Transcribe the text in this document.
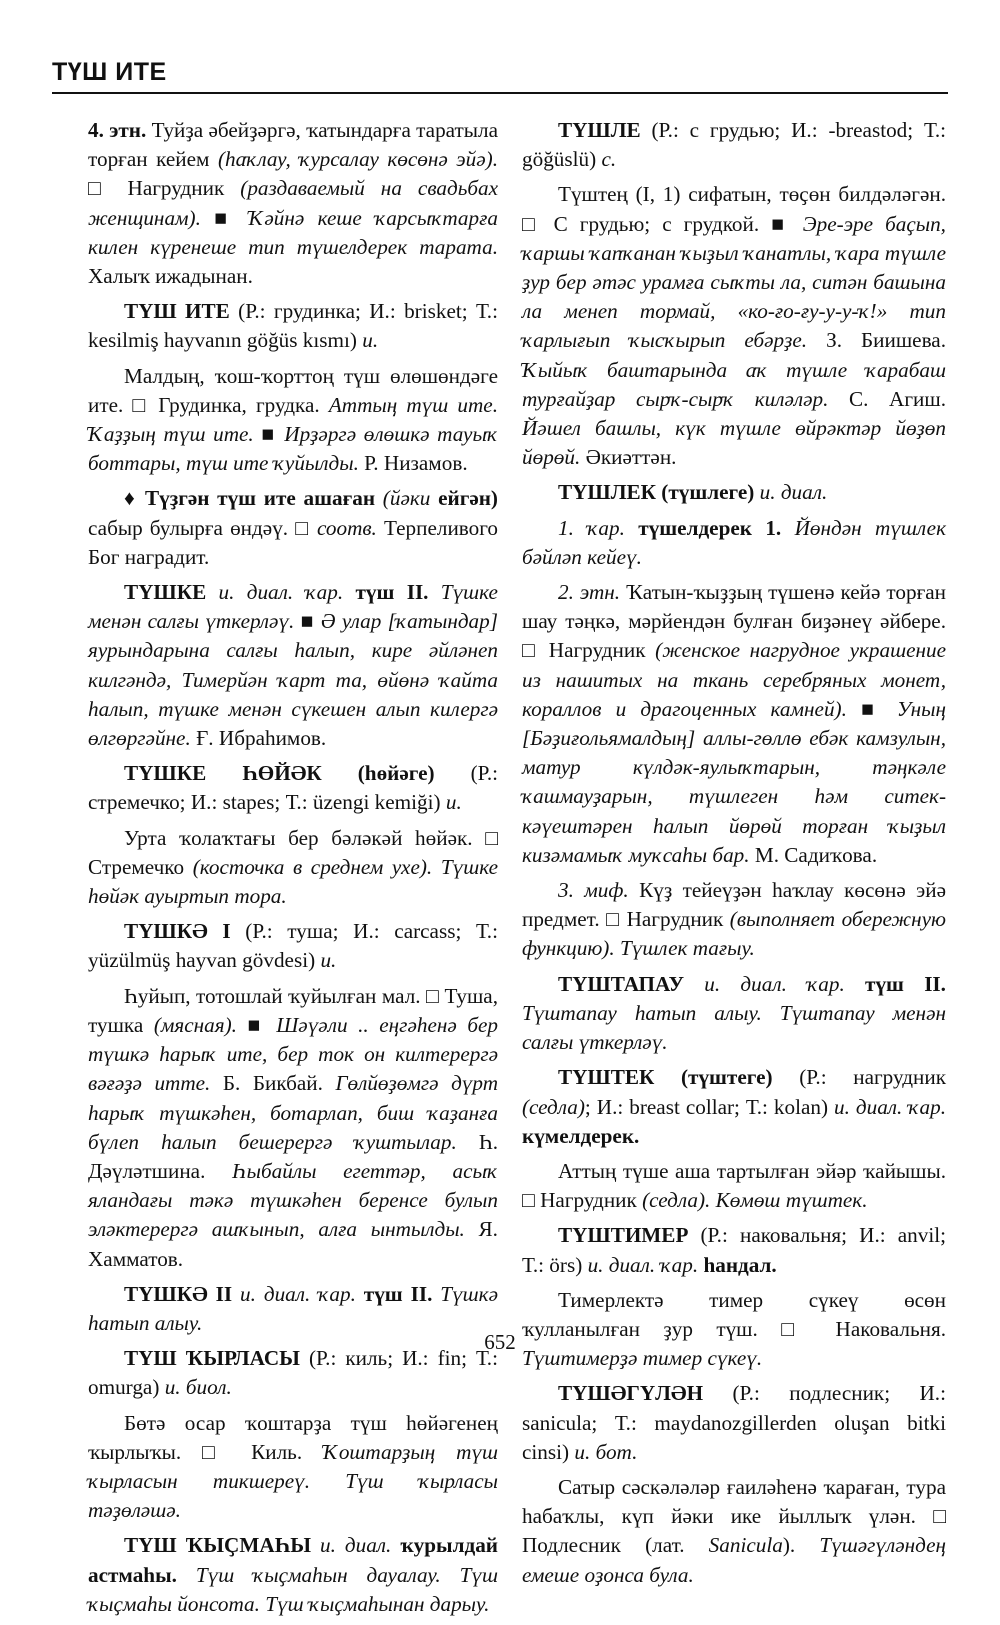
ТҮШ ИТЕ

4. этн. Туйҙа әбейҙәргә, ҡатындарға таратыла торған кейем (һаҡлау, ҡурсалау көсөнә эйә). □ Нагрудник (раздаваемый на свадьбах женщинам). ■ Ҡәйнә кеше ҡарсыҡтарға килен күренеше тип түшелдерек тарата. Халыҡ ижадынан.

ТҮШ ИТЕ (Р.: грудинка; И.: brisket; Т.: kesilmiş hayvanın göğüs kısmı) и.

Малдың, ҡош-ҡорттоң түш өлөшөндәге ите. □ Грудинка, грудка. Аттың түш ите. Ҡаҙҙың түш ите. ■ Ирҙәргә өлөшкә тауыҡ боттары, түш ите ҡуйылды. Р. Низамов.

♦ Түҙгән түш ите ашаған (йәки ейгән) сабыр булырға өндәү. □ соотв. Терпеливого Бог наградит.

ТҮШКЕ и. диал. ҡар. түш II. Түшке менән салғы үткерләү. ■ Ә улар [ҡатындар] яурындарына салғы һалып, кире әйләнеп килгәндә, Тимерйән ҡарт та, өйөнә ҡайта һалып, түшке менән сүкешен алып килергә өлгөргәйне. Ғ. Ибраһимов.

ТҮШКЕ ҺӨЙӘК (һөйәге) (Р.: стремечко; И.: stapes; Т.: üzengi kemiği) и.

Урта ҡолаҡтағы бер бәләкәй һөйәк. □ Стремечко (косточка в среднем ухе). Түшке һөйәк ауыртып тора.

ТҮШКӘ I (Р.: туша; И.: carcass; Т.: yüzülmüş hayvan gövdesi) и.

Һуйып, тотошлай ҡуйылған мал. □ Туша, тушка (мясная). ■ Шәүәли .. еңгәһенә бер түшкә һарыҡ ите, бер ток он килтерергә вәғәҙә итте. Б. Бикбай. Гөлйөҙөмгә дүрт һарыҡ түшкәһен, ботарлап, биш ҡаҙанға бүлеп һалып бешерергә ҡуштылар. Һ. Дәүләтшина. Һыбайлы егеттәр, асыҡ яландағы тәкә түшкәһен беренсе булып эләктерергә ашҡынып, алға ынтылды. Я. Хамматов.

ТҮШКӘ II и. диал. ҡар. түш II. Түшкә һатып алыу.

ТҮШ ҠЫРЛАСЫ (Р.: киль; И.: fin; Т.: omurga) и. биол.

Бөтә осар ҡоштарҙа түш һөйәгенең ҡырлыҡы. □ Киль. Ҡоштарҙың түш ҡырласын тикшереү. Түш ҡырласы тәҙөләшә.

ТҮШ ҠЫҪМАҺЫ и. диал. ҡурылдай астмаһы. Түш ҡыҫмаһын дауалау. Түш ҡыҫмаһы йонсота. Түш ҡыҫмаһынан дарыу.

ТҮШЛЕ (Р.: с грудью; И.: -breastod; Т.: göğüslü) с.

Түштең (I, 1) сифатын, төҫөн билдәләгән. □ С грудью; с грудкой. ■ Эре-эре баҫып, ҡаршы ҡапҡанан ҡыҙыл ҡанатлы, ҡара түшле ҙур бер әтәс урамға сыҡты ла, ситән башына ла менеп тормай, «ко-ғо-ғу-у-у-ҡ!» тип ҡарлығып ҡысҡырып ебәрҙе. З. Биишева. Ҡыйыҡ баштарында аҡ түшле ҡарабаш турғайҙар сырҡ-сырҡ киләләр. С. Агиш. Йәшел башлы, күк түшле өйрәктәр йөҙөп йөрөй. Әкиәттән.

ТҮШЛЕК (түшлеге) и. диал.

1. ҡар. түшелдерек 1. Йөндән түшлек бәйләп кейеү.

2. этн. Ҡатын-ҡыҙҙың түшенә кейә торған шау тәңкә, мәрйендән булған биҙәнеү әйбере. □ Нагрудник (женское нагрудное украшение из нашитых на ткань серебряных монет, кораллов и драгоценных камней). ■ Уның [Бәҙиғольямалдың] аллы-гөллө ебәк камзулын, матур күлдәк-яулыҡтарын, тәңкәле ҡашмауҙарын, түшлеген һәм ситек-кәүештәрен һалып йөрөй торған ҡыҙыл кизәмамыҡ муҡсаһы бар. М. Садиҡова.

3. миф. Күҙ тейеүҙән һаҡлау көсөнә эйә предмет. □ Нагрудник (выполняет обережную функцию). Түшлек тағыу.

ТҮШТАПАУ и. диал. ҡар. түш II. Түштапау һатып алыу. Түштапау менән салғы үткерләү.

ТҮШТЕК (түштеге) (Р.: нагрудник (седла); И.: breast collar; Т.: kolan) и. диал. ҡар. күмелдерек.

Аттың түше аша тартылған эйәр ҡайышы. □ Нагрудник (седла). Көмөш түштек.

ТҮШТИМЕР (Р.: наковальня; И.: anvil; Т.: örs) и. диал. ҡар. һандал.

Тимерлектә тимер сүкеү өсөн ҡулланылған ҙур түш. □ Наковальня. Түштимерҙә тимер сүкеү.

ТҮШӘГҮЛӘН (Р.: подлесник; И.: sanicula; Т.: maydanozgillerden oluşan bitki cinsi) и. бот.

Сатыр сәскәләләр ғаиләһенә ҡараған, тура һабаҡлы, күп йәки ике йыллыҡ үлән. □ Подлесник (лат. Sanicula). Түшәгүләндең емеше оҙонса була.

652
